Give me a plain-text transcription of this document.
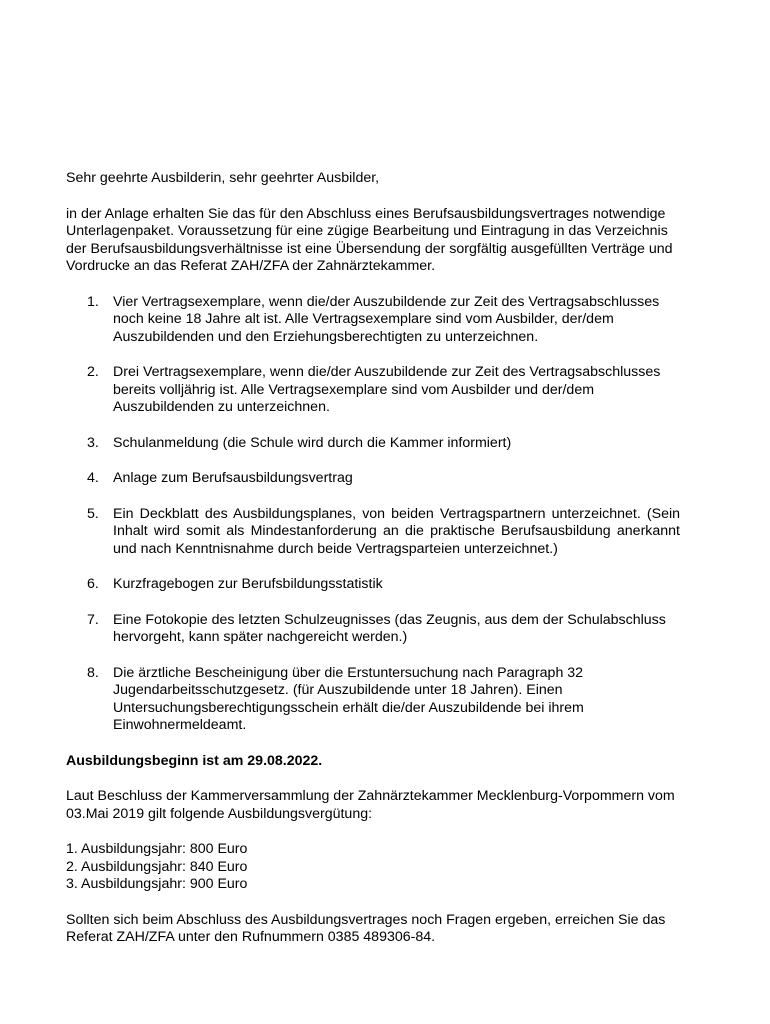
Sehr geehrte Ausbilderin, sehr geehrter Ausbilder,

in der Anlage erhalten Sie das für den Abschluss eines Berufsausbildungsvertrages notwendige Unterlagenpaket. Voraussetzung für eine zügige Bearbeitung und Eintragung in das Verzeichnis der Berufsausbildungsverhältnisse ist eine Übersendung der sorgfältig ausgefüllten Verträge und Vordrucke an das Referat ZAH/ZFA der Zahnärztekammer.

1. Vier Vertragsexemplare, wenn die/der Auszubildende zur Zeit des Vertragsabschlusses noch keine 18 Jahre alt ist. Alle Vertragsexemplare sind vom Ausbilder, der/dem Auszubildenden und den Erziehungsberechtigten zu unterzeichnen.
2. Drei Vertragsexemplare, wenn die/der Auszubildende zur Zeit des Vertragsabschlusses bereits volljährig ist. Alle Vertragsexemplare sind vom Ausbilder und der/dem Auszubildenden zu unterzeichnen.
3. Schulanmeldung (die Schule wird durch die Kammer informiert)
4. Anlage zum Berufsausbildungsvertrag
5. Ein Deckblatt des Ausbildungsplanes, von beiden Vertragspartnern unterzeichnet. (Sein Inhalt wird somit als Mindestanforderung an die praktische Berufsausbildung anerkannt und nach Kenntnisnahme durch beide Vertragsparteien unterzeichnet.)
6. Kurzfragebogen zur Berufsbildungsstatistik
7. Eine Fotokopie des letzten Schulzeugnisses (das Zeugnis, aus dem der Schulabschluss hervorgeht, kann später nachgereicht werden.)
8. Die ärztliche Bescheinigung über die Erstuntersuchung nach Paragraph 32 Jugendarbeitsschutzgesetz. (für Auszubildende unter 18 Jahren). Einen Untersuchungsberechtigungsschein erhält die/der Auszubildende bei ihrem Einwohnermeldeamt.

Ausbildungsbeginn ist am 29.08.2022.

Laut Beschluss der Kammerversammlung der Zahnärztekammer Mecklenburg-Vorpommern vom 03.Mai 2019 gilt folgende Ausbildungsvergütung:

1. Ausbildungsjahr: 800 Euro

2. Ausbildungsjahr: 840 Euro

3. Ausbildungsjahr: 900 Euro

Sollten sich beim Abschluss des Ausbildungsvertrages noch Fragen ergeben, erreichen Sie das Referat ZAH/ZFA unter den Rufnummern 0385 489306-84.
